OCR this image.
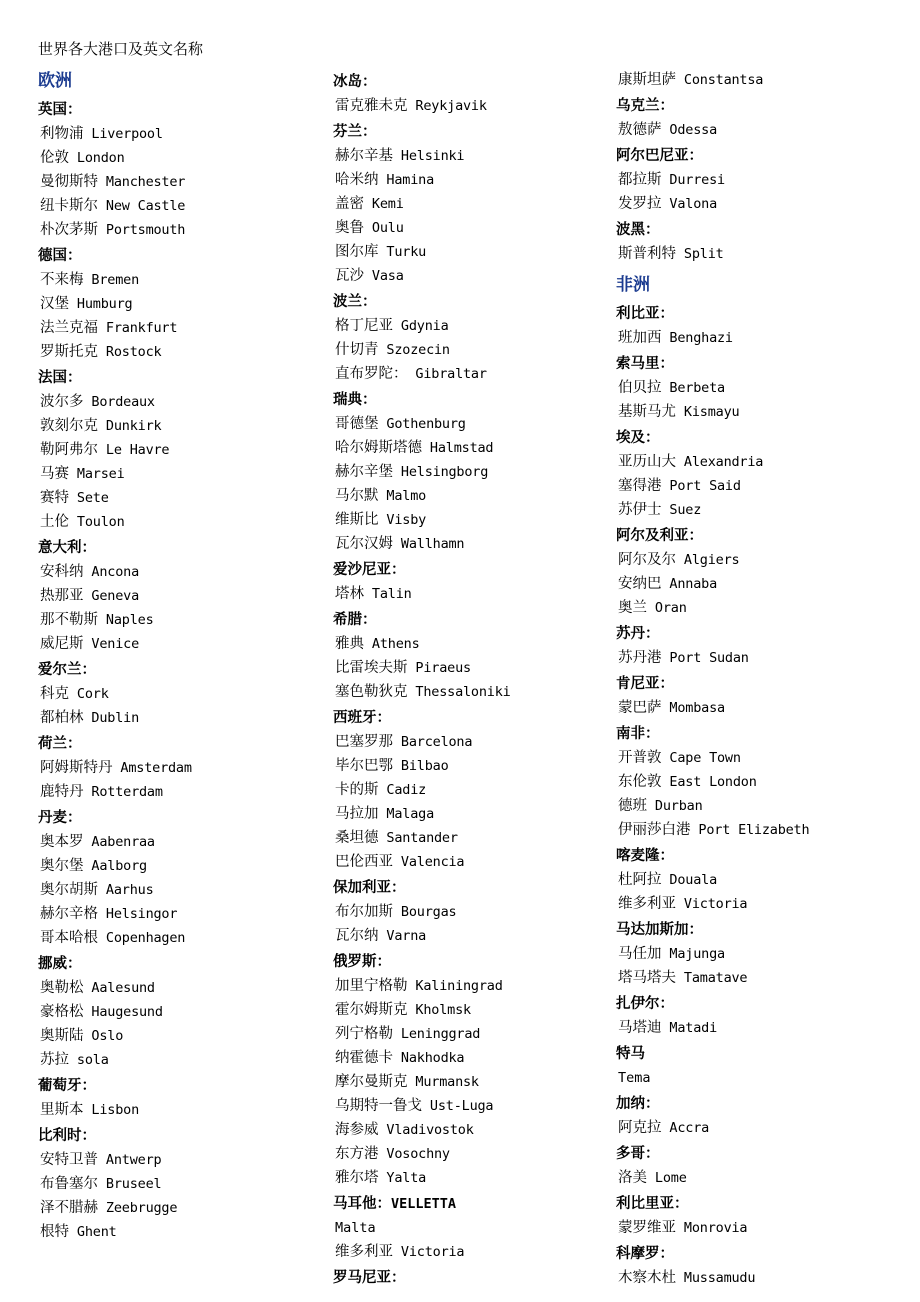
世界各大港口及英文名称
欧洲
英国：
利物浦 Liverpool
伦敦 London
曼彻斯特 Manchester
纽卡斯尔 New Castle
朴次茅斯 Portsmouth
德国：
不来梅 Bremen
汉堡 Humburg
法兰克福 Frankfurt
罗斯托克 Rostock
法国：
波尔多 Bordeaux
敦刻尔克 Dunkirk
勒阿弗尔 Le Havre
马赛 Marsei
赛特 Sete
土伦 Toulon
意大利：
安科纳 Ancona
热那亚 Geneva
那不勒斯 Naples
威尼斯 Venice
爱尔兰：
科克 Cork
都柏林 Dublin
荷兰：
阿姆斯特丹 Amsterdam
鹿特丹 Rotterdam
丹麦：
奥本罗 Aabenraa
奥尔堡 Aalborg
奥尔胡斯 Aarhus
赫尔辛格 Helsingor
哥本哈根 Copenhagen
挪威：
奥勒松 Aalesund
豪格松 Haugesund
奥斯陆 Oslo
苏拉 sola
葡萄牙：
里斯本 Lisbon
比利时：
安特卫普 Antwerp
布鲁塞尔 Bruseel
泽不腊赫 Zeebrugge
根特 Ghent
冰岛：
雷克雅未克 Reykjavik
芬兰：
赫尔辛基 Helsinki
哈米纳 Hamina
盖密 Kemi
奥鲁 Oulu
图尔库 Turku
瓦沙 Vasa
波兰：
格丁尼亚 Gdynia
什切青 Szozecin
直布罗陀： Gibraltar
瑞典：
哥德堡 Gothenburg
哈尔姆斯塔德 Halmstad
赫尔辛堡 Helsingborg
马尔默 Malmo
维斯比 Visby
瓦尔汉姆 Wallhamn
爱沙尼亚：
塔林 Talin
希腊：
雅典 Athens
比雷埃夫斯 Piraeus
塞色勒狄克 Thessaloniki
西班牙：
巴塞罗那 Barcelona
毕尔巴鄂 Bilbao
卡的斯 Cadiz
马拉加 Malaga
桑坦德 Santander
巴伦西亚 Valencia
保加利亚：
布尔加斯 Bourgas
瓦尔纳 Varna
俄罗斯：
加里宁格勒 Kaliningrad
霍尔姆斯克 Kholmsk
列宁格勒 Leninggrad
纳霍德卡 Nakhodka
摩尔曼斯克 Murmansk
乌期特一鲁戈 Ust-Luga
海参威 Vladivostok
东方港 Vosochny
雅尔塔 Yalta
马耳他：VELLETTA
Malta
维多利亚 Victoria
罗马尼亚：
康斯坦萨 Constantsa
乌克兰：
敖德萨 Odessa
阿尔巴尼亚：
都拉斯 Durresi
发罗拉 Valona
波黑：
斯普利特 Split
非洲
利比亚：
班加西 Benghazi
索马里：
伯贝拉 Berbeta
基斯马尤 Kismayu
埃及：
亚历山大 Alexandria
塞得港 Port Said
苏伊士 Suez
阿尔及利亚：
阿尔及尔 Algiers
安纳巴 Annaba
奥兰 Oran
苏丹：
苏丹港 Port Sudan
肯尼亚：
蒙巴萨 Mombasa
南非：
开普敦 Cape Town
东伦敦 East London
德班 Durban
伊丽莎白港 Port Elizabeth
喀麦隆：
杜阿拉 Douala
维多利亚 Victoria
马达加斯加：
马任加 Majunga
塔马塔夫 Tamatave
扎伊尔：
马塔迪 Matadi
特马
Tema
加纳：
阿克拉 Accra
多哥：
洛美 Lome
利比里亚：
蒙罗维亚 Monrovia
科摩罗：
木察木杜 Mussamudu
